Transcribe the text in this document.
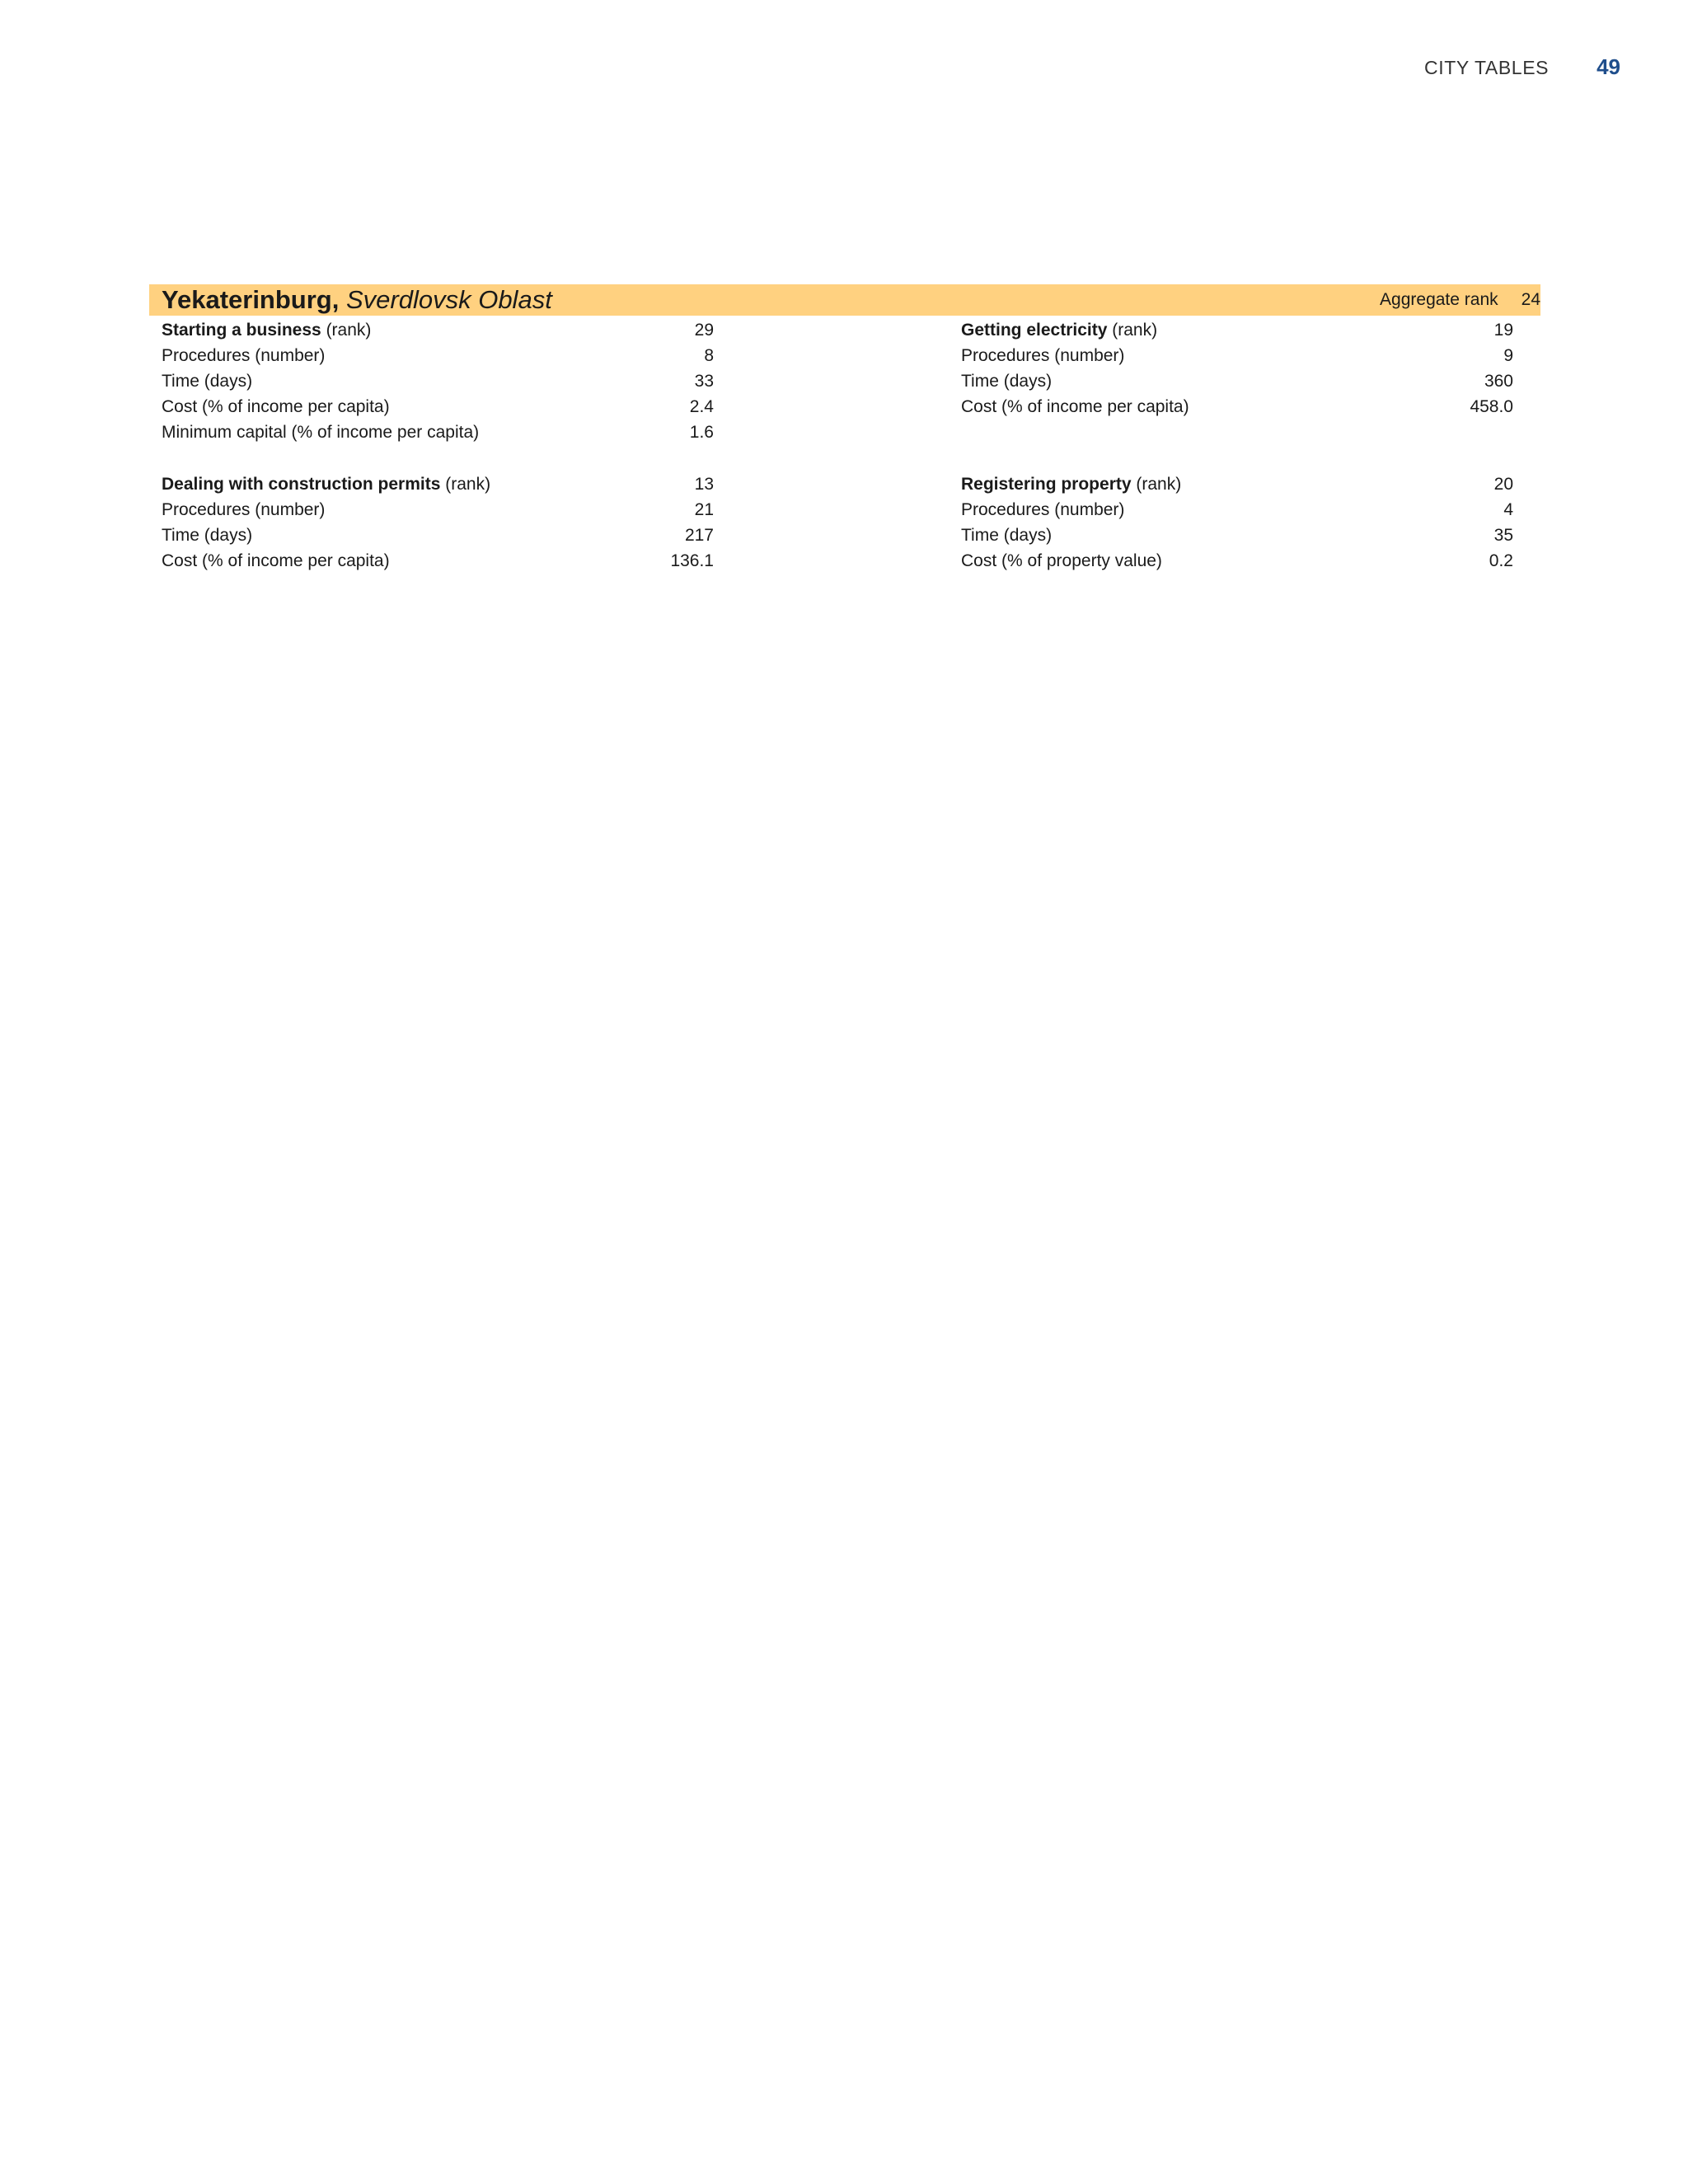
CITY TABLES 49
Yekaterinburg, Sverdlovsk Oblast	Aggregate rank 24
Starting a business (rank)	29
Procedures (number)	8
Time (days)	33
Cost (% of income per capita)	2.4
Minimum capital (% of income per capita)	1.6
Getting electricity (rank)	19
Procedures (number)	9
Time (days)	360
Cost (% of income per capita)	458.0
Dealing with construction permits (rank)	13
Procedures (number)	21
Time (days)	217
Cost (% of income per capita)	136.1
Registering property (rank)	20
Procedures (number)	4
Time (days)	35
Cost (% of property value)	0.2
